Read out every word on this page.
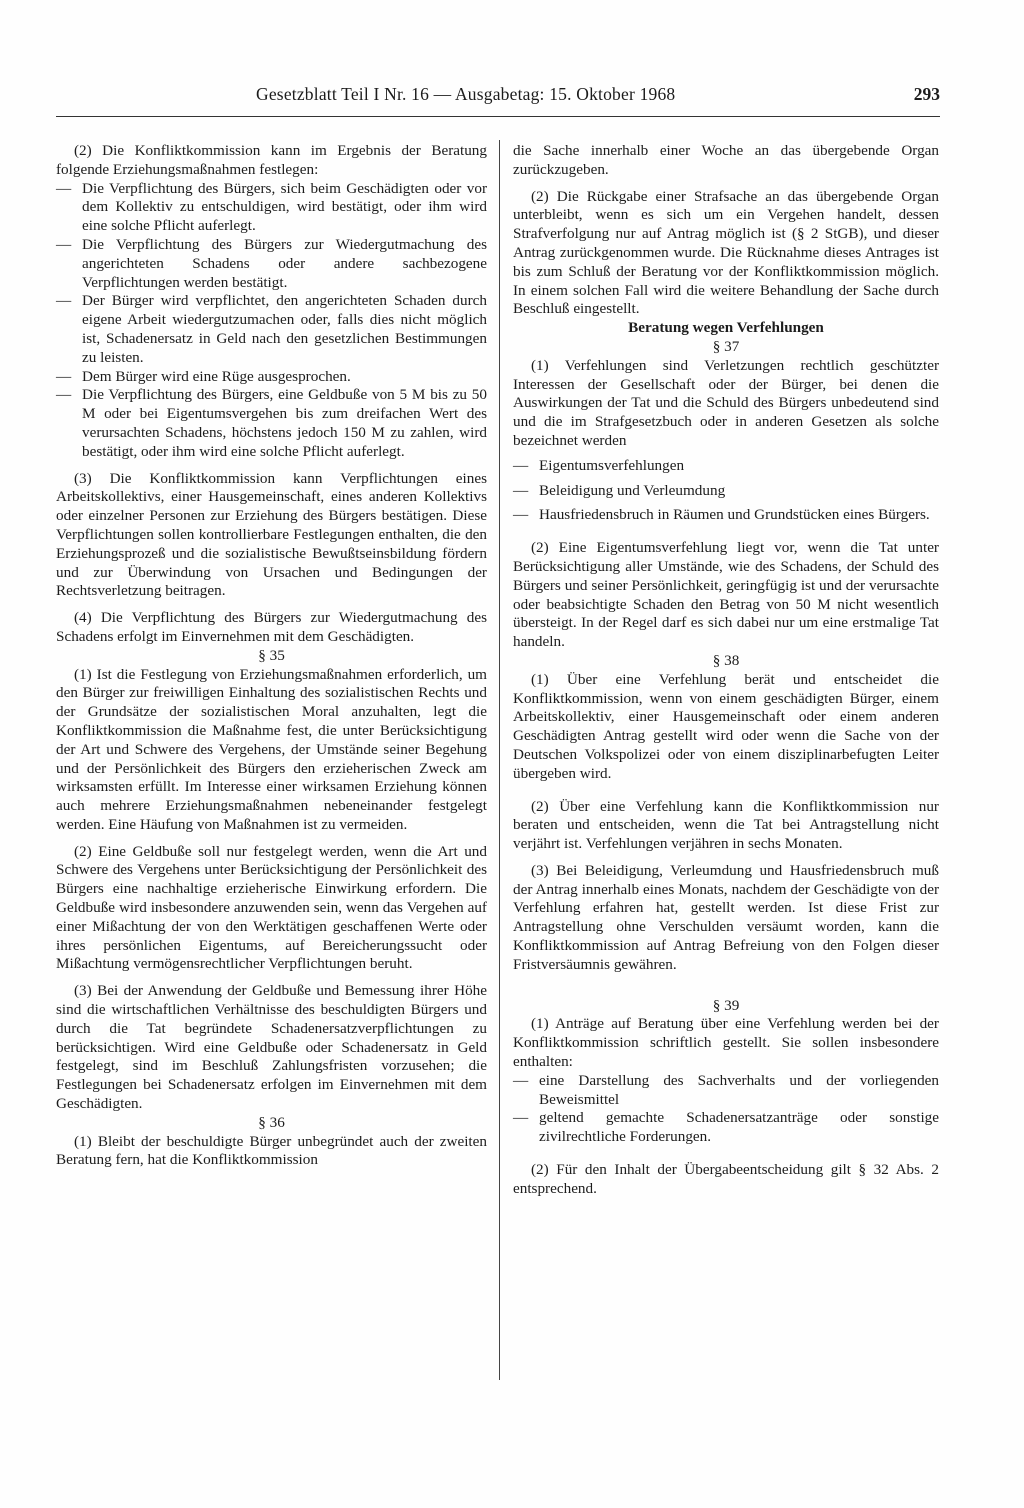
Gesetzblatt Teil I Nr. 16 — Ausgabetag: 15. Oktober 1968	293

(2) Die Konfliktkommission kann im Ergebnis der Beratung folgende Erziehungsmaßnahmen festlegen:

— Die Verpflichtung des Bürgers, sich beim Geschädigten oder vor dem Kollektiv zu entschuldigen, wird bestätigt, oder ihm wird eine solche Pflicht auferlegt.
— Die Verpflichtung des Bürgers zur Wiedergutmachung des angerichteten Schadens oder andere sachbezogene Verpflichtungen werden bestätigt.
— Der Bürger wird verpflichtet, den angerichteten Schaden durch eigene Arbeit wiedergutzumachen oder, falls dies nicht möglich ist, Schadenersatz in Geld nach den gesetzlichen Bestimmungen zu leisten.
— Dem Bürger wird eine Rüge ausgesprochen.
— Die Verpflichtung des Bürgers, eine Geldbuße von 5 M bis zu 50 M oder bei Eigentumsvergehen bis zum dreifachen Wert des verursachten Schadens, höchstens jedoch 150 M zu zahlen, wird bestätigt, oder ihm wird eine solche Pflicht auferlegt.

(3) Die Konfliktkommission kann Verpflichtungen eines Arbeitskollektivs, einer Hausgemeinschaft, eines anderen Kollektivs oder einzelner Personen zur Erziehung des Bürgers bestätigen. Diese Verpflichtungen sollen kontrollierbare Festlegungen enthalten, die den Erziehungsprozeß und die sozialistische Bewußtseinsbildung fördern und zur Überwindung von Ursachen und Bedingungen der Rechtsverletzung beitragen.

(4) Die Verpflichtung des Bürgers zur Wiedergutmachung des Schadens erfolgt im Einvernehmen mit dem Geschädigten.

§ 35

(1) Ist die Festlegung von Erziehungsmaßnahmen erforderlich, um den Bürger zur freiwilligen Einhaltung des sozialistischen Rechts und der Grundsätze der sozialistischen Moral anzuhalten, legt die Konfliktkommission die Maßnahme fest, die unter Berücksichtigung der Art und Schwere des Vergehens, der Umstände seiner Begehung und der Persönlichkeit des Bürgers den erzieherischen Zweck am wirksamsten erfüllt. Im Interesse einer wirksamen Erziehung können auch mehrere Erziehungsmaßnahmen nebeneinander festgelegt werden. Eine Häufung von Maßnahmen ist zu vermeiden.

(2) Eine Geldbuße soll nur festgelegt werden, wenn die Art und Schwere des Vergehens unter Berücksichtigung der Persönlichkeit des Bürgers eine nachhaltige erzieherische Einwirkung erfordern. Die Geldbuße wird insbesondere anzuwenden sein, wenn das Vergehen auf einer Mißachtung der von den Werktätigen geschaffenen Werte oder ihres persönlichen Eigentums, auf Bereicherungssucht oder Mißachtung vermögensrechtlicher Verpflichtungen beruht.

(3) Bei der Anwendung der Geldbuße und Bemessung ihrer Höhe sind die wirtschaftlichen Verhältnisse des beschuldigten Bürgers und durch die Tat begründete Schadenersatzverpflichtungen zu berücksichtigen. Wird eine Geldbuße oder Schadenersatz in Geld festgelegt, sind im Beschluß Zahlungsfristen vorzusehen; die Festlegungen bei Schadenersatz erfolgen im Einvernehmen mit dem Geschädigten.

§ 36

(1) Bleibt der beschuldigte Bürger unbegründet auch der zweiten Beratung fern, hat die Konfliktkommission

die Sache innerhalb einer Woche an das übergebende Organ zurückzugeben.

(2) Die Rückgabe einer Strafsache an das übergebende Organ unterbleibt, wenn es sich um ein Vergehen handelt, dessen Strafverfolgung nur auf Antrag möglich ist (§ 2 StGB), und dieser Antrag zurückgenommen wurde. Die Rücknahme dieses Antrages ist bis zum Schluß der Beratung vor der Konfliktkommission möglich. In einem solchen Fall wird die weitere Behandlung der Sache durch Beschluß eingestellt.

Beratung wegen Verfehlungen

§ 37

(1) Verfehlungen sind Verletzungen rechtlich geschützter Interessen der Gesellschaft oder der Bürger, bei denen die Auswirkungen der Tat und die Schuld des Bürgers unbedeutend sind und die im Strafgesetzbuch oder in anderen Gesetzen als solche bezeichnet werden

— Eigentumsverfehlungen
— Beleidigung und Verleumdung
— Hausfriedensbruch in Räumen und Grundstücken eines Bürgers.

(2) Eine Eigentumsverfehlung liegt vor, wenn die Tat unter Berücksichtigung aller Umstände, wie des Schadens, der Schuld des Bürgers und seiner Persönlichkeit, geringfügig ist und der verursachte oder beabsichtigte Schaden den Betrag von 50 M nicht wesentlich übersteigt. In der Regel darf es sich dabei nur um eine erstmalige Tat handeln.

§ 38

(1) Über eine Verfehlung berät und entscheidet die Konfliktkommission, wenn von einem geschädigten Bürger, einem Arbeitskollektiv, einer Hausgemeinschaft oder einem anderen Geschädigten Antrag gestellt wird oder wenn die Sache von der Deutschen Volkspolizei oder von einem disziplinarbefugten Leiter übergeben wird.

(2) Über eine Verfehlung kann die Konfliktkommission nur beraten und entscheiden, wenn die Tat bei Antragstellung nicht verjährt ist. Verfehlungen verjähren in sechs Monaten.

(3) Bei Beleidigung, Verleumdung und Hausfriedensbruch muß der Antrag innerhalb eines Monats, nachdem der Geschädigte von der Verfehlung erfahren hat, gestellt werden. Ist diese Frist zur Antragstellung ohne Verschulden versäumt worden, kann die Konfliktkommission auf Antrag Befreiung von den Folgen dieser Fristversäumnis gewähren.

§ 39

(1) Anträge auf Beratung über eine Verfehlung werden bei der Konfliktkommission schriftlich gestellt. Sie sollen insbesondere enthalten:

— eine Darstellung des Sachverhalts und der vorliegenden Beweismittel
— geltend gemachte Schadenersatzanträge oder sonstige zivilrechtliche Forderungen.

(2) Für den Inhalt der Übergabeentscheidung gilt § 32 Abs. 2 entsprechend.
